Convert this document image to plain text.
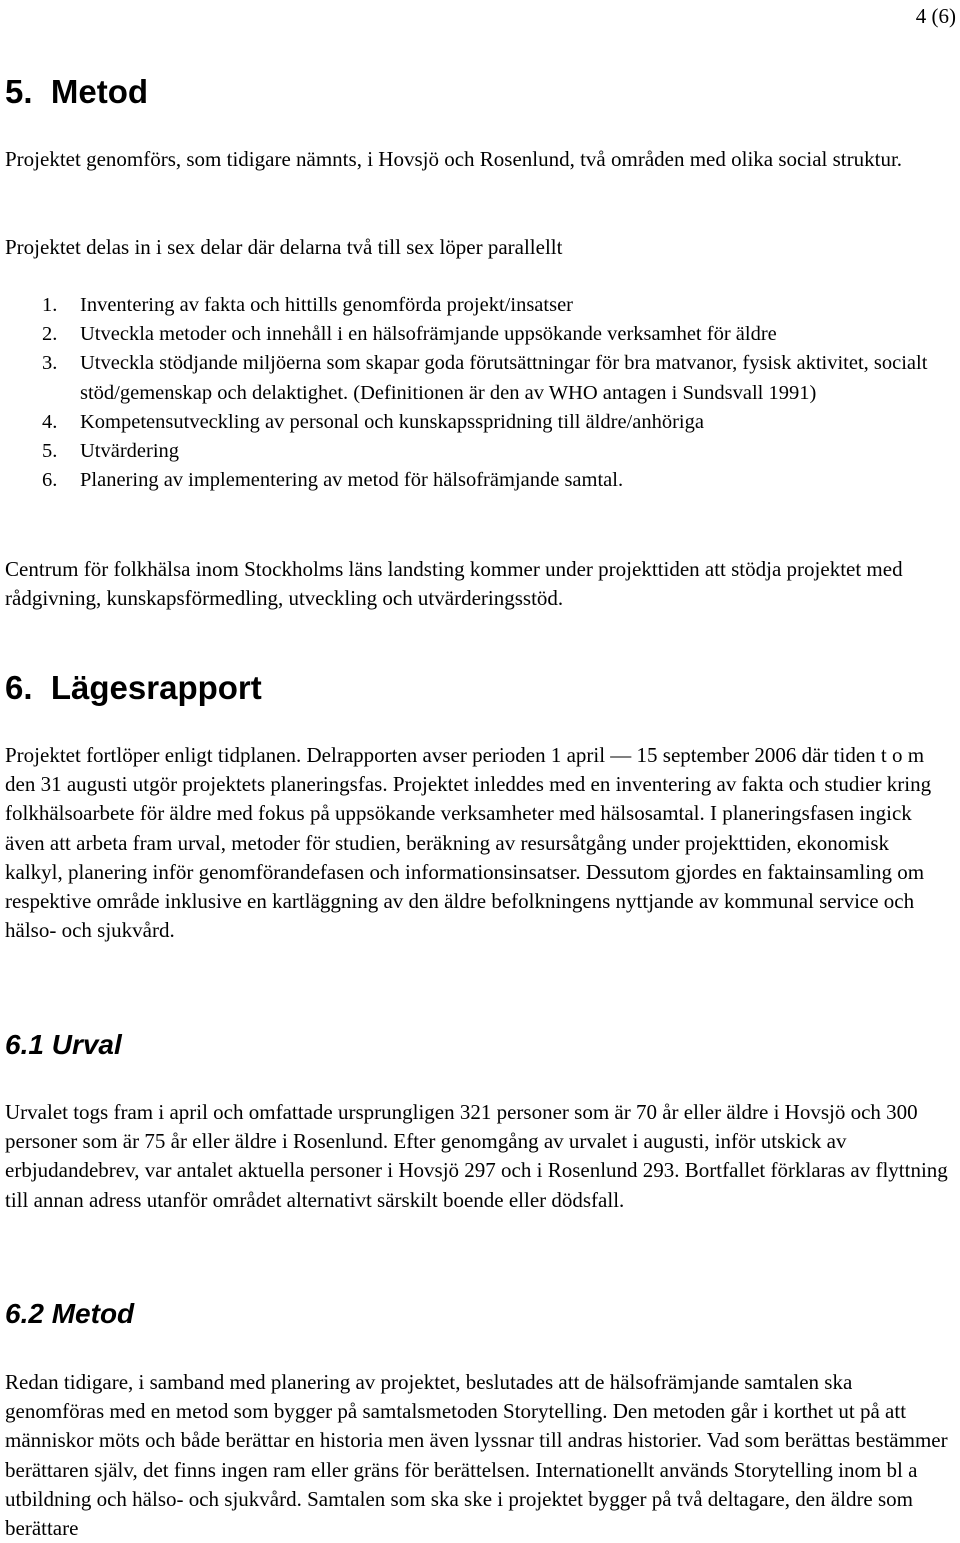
4 (6)
5. Metod

Projektet genomförs, som tidigare nämnts, i Hovsjö och Rosenlund, två områden med olika social struktur.

Projektet delas in i sex delar där delarna två till sex löper parallellt

1. Inventering av fakta och hittills genomförda projekt/insatser
2. Utveckla metoder och innehåll i en hälsofrämjande uppsökande verksamhet för äldre
3. Utveckla stödjande miljöerna som skapar goda förutsättningar för bra matvanor, fysisk aktivitet, socialt stöd/gemenskap och delaktighet. (Definitionen är den av WHO antagen i Sundsvall 1991)
4. Kompetensutveckling av personal och kunskapsspridning till äldre/anhöriga
5. Utvärdering
6. Planering av implementering av metod för hälsofrämjande samtal.

Centrum för folkhälsa inom Stockholms läns landsting kommer under projekttiden att stödja projektet med rådgivning, kunskapsförmedling, utveckling och utvärderingsstöd.

6. Lägesrapport

Projektet fortlöper enligt tidplanen. Delrapporten avser perioden 1 april — 15 september 2006 där tiden t o m den 31 augusti utgör projektets planeringsfas. Projektet inleddes med en inventering av fakta och studier kring folkhälsoarbete för äldre med fokus på uppsökande verksamheter med hälsosamtal. I planeringsfasen ingick även att arbeta fram urval, metoder för studien, beräkning av resursåtgång under projekttiden, ekonomisk kalkyl, planering inför genomförandefasen och informationsinsatser. Dessutom gjordes en faktainsamling om respektive område inklusive en kartläggning av den äldre befolkningens nyttjande av kommunal service och hälso- och sjukvård.

6.1 Urval

Urvalet togs fram i april och omfattade ursprungligen 321 personer som är 70 år eller äldre i Hovsjö och 300 personer som är 75 år eller äldre i Rosenlund. Efter genomgång av urvalet i augusti, inför utskick av erbjudandebrev, var antalet aktuella personer i Hovsjö 297 och i Rosenlund 293. Bortfallet förklaras av flyttning till annan adress utanför området alternativt särskilt boende eller dödsfall.

6.2 Metod

Redan tidigare, i samband med planering av projektet, beslutades att de hälsofrämjande samtalen ska genomföras med en metod som bygger på samtalsmetoden Storytelling. Den metoden går i korthet ut på att människor möts och både berättar en historia men även lyssnar till andras historier. Vad som berättas bestämmer berättaren själv, det finns ingen ram eller gräns för berättelsen. Internationellt används Storytelling inom bl a utbildning och hälso- och sjukvård. Samtalen som ska ske i projektet bygger på två deltagare, den äldre som berättare
